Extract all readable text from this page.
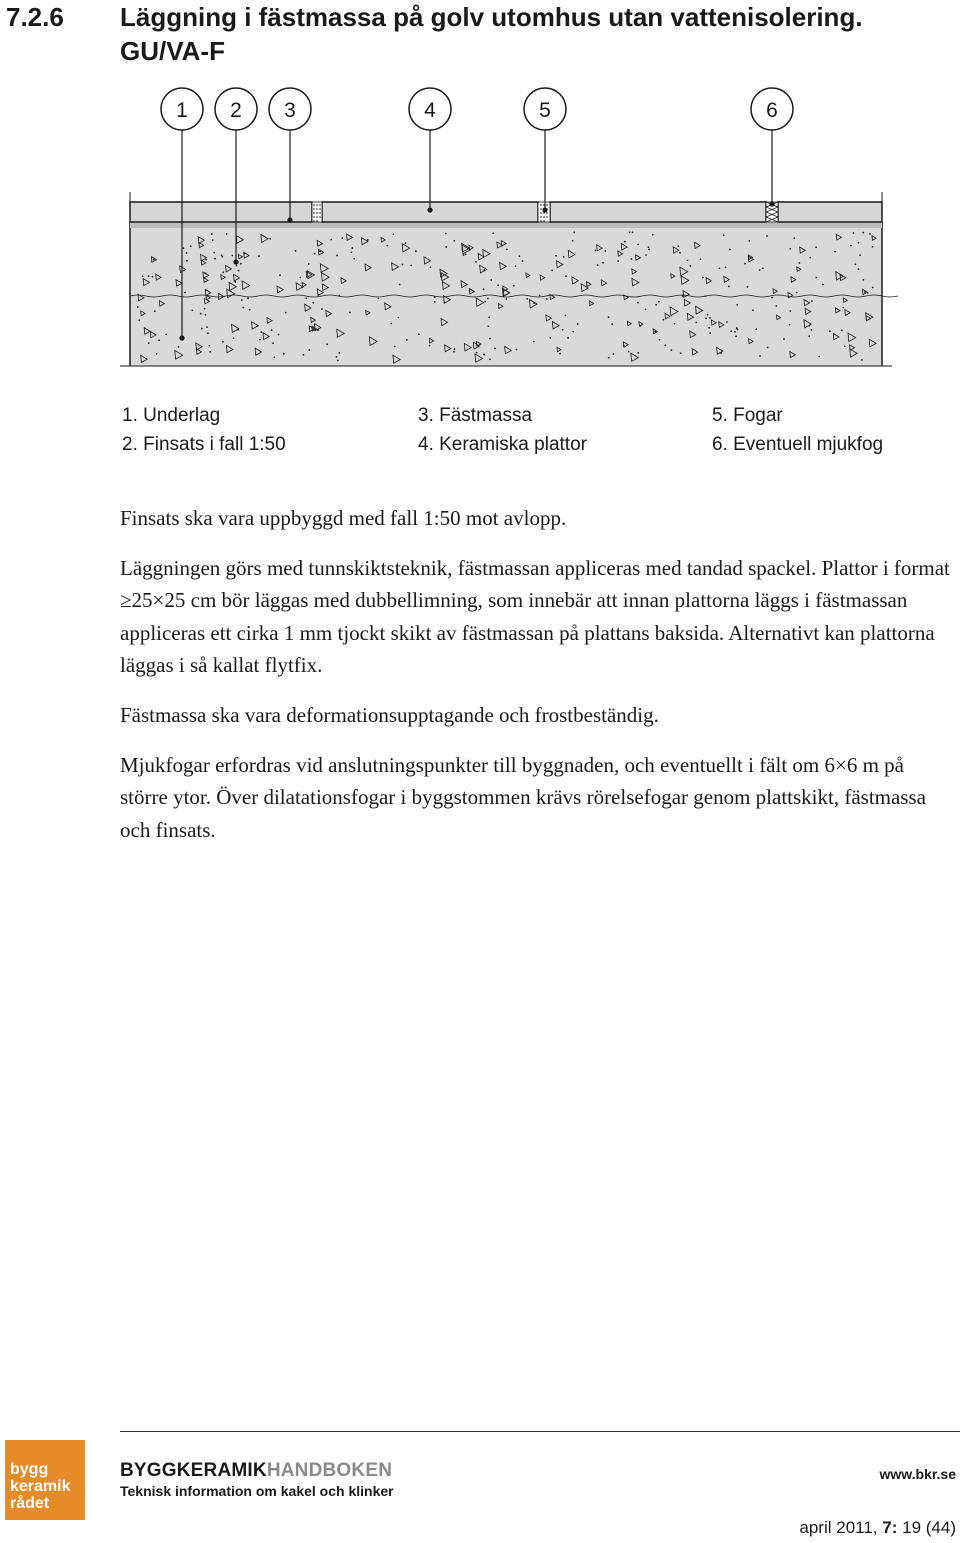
7.2.6 Läggning i fästmassa på golv utomhus utan vattenisolering.
GU/VA-F
1 2 3	4	5	6
1. Underlag
2. Finsats i fall 1:50
3. Fästmassa
4. Keramiska plattor
5. Fogar
6. Eventuell mjukfog

Finsats ska vara uppbyggd med fall 1:50 mot avlopp.

Läggningen görs med tunnskiktsteknik, fästmassan appliceras med tandad spackel. Plattor i format ≥25×25 cm bör läggas med dubbellimning, som innebär att innan plattorna läggs i fästmassan appliceras ett cirka 1 mm tjockt skikt av fästmassan på plattans baksida. Alternativt kan plattorna läggas i så kallat flytfix.

Fästmassa ska vara deformationsupptagande och frostbeständig.

Mjukfogar erfordras vid anslutningspunkter till byggnaden, och eventuellt i fält om 6×6 m på större ytor. Över dilatationsfogar i byggstommen krävs rörelsefogar genom plattskikt, fästmassa och finsats.

bygg
keramik
rådet
BYGGKERAMIKHANDBOKEN
Teknisk information om kakel och klinker
www.bkr.se
april 2011, 7: 19 (44)
